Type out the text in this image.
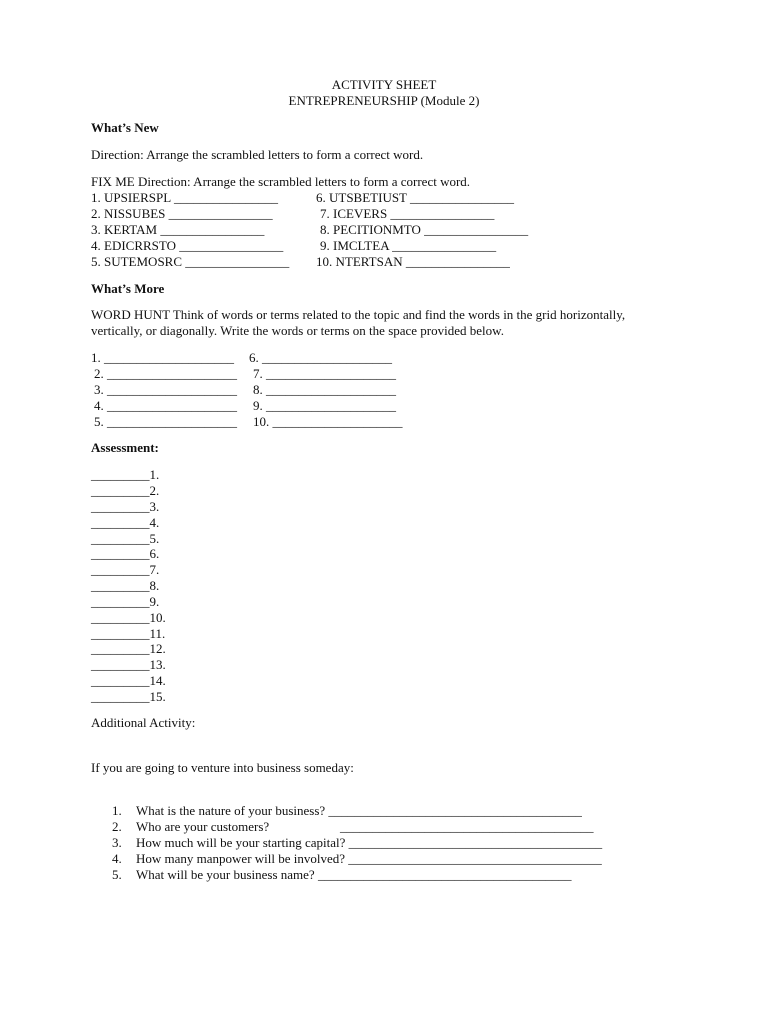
ACTIVITY SHEET
ENTREPRENEURSHIP (Module 2)
What’s New
Direction: Arrange the scrambled letters to form a correct word.
FIX ME Direction: Arrange the scrambled letters to form a correct word.
1. UPSIERSPL ________________
2. NISSUBES ________________
3. KERTAM ________________
4. EDICRRSTO ________________
5. SUTEMOSRC ________________
6. UTSBETIUST ________________
7. ICEVERS ________________
8. PECITIONMTO ________________
9. IMCLTEA ________________
10. NTERTSAN ________________
What’s More
WORD HUNT Think of words or terms related to the topic and find the words in the grid horizontally,
vertically, or diagonally. Write the words or terms on the space provided below.
1. ____________________
2. ____________________
3. ____________________
4. ____________________
5. ____________________
6. ____________________
7. ____________________
8. ____________________
9. ____________________
10. ____________________
Assessment:
_________1.
_________2.
_________3.
_________4.
_________5.
_________6.
_________7.
_________8.
_________9.
_________10.
_________11.
_________12.
_________13.
_________14.
_________15.
Additional Activity:
If you are going to venture into business someday:
1. What is the nature of your business? _______________________________________
2. Who are your customers?	_______________________________________
3. How much will be your starting capital? _______________________________________
4. How many manpower will be involved? _______________________________________
5. What will be your business name? _______________________________________
